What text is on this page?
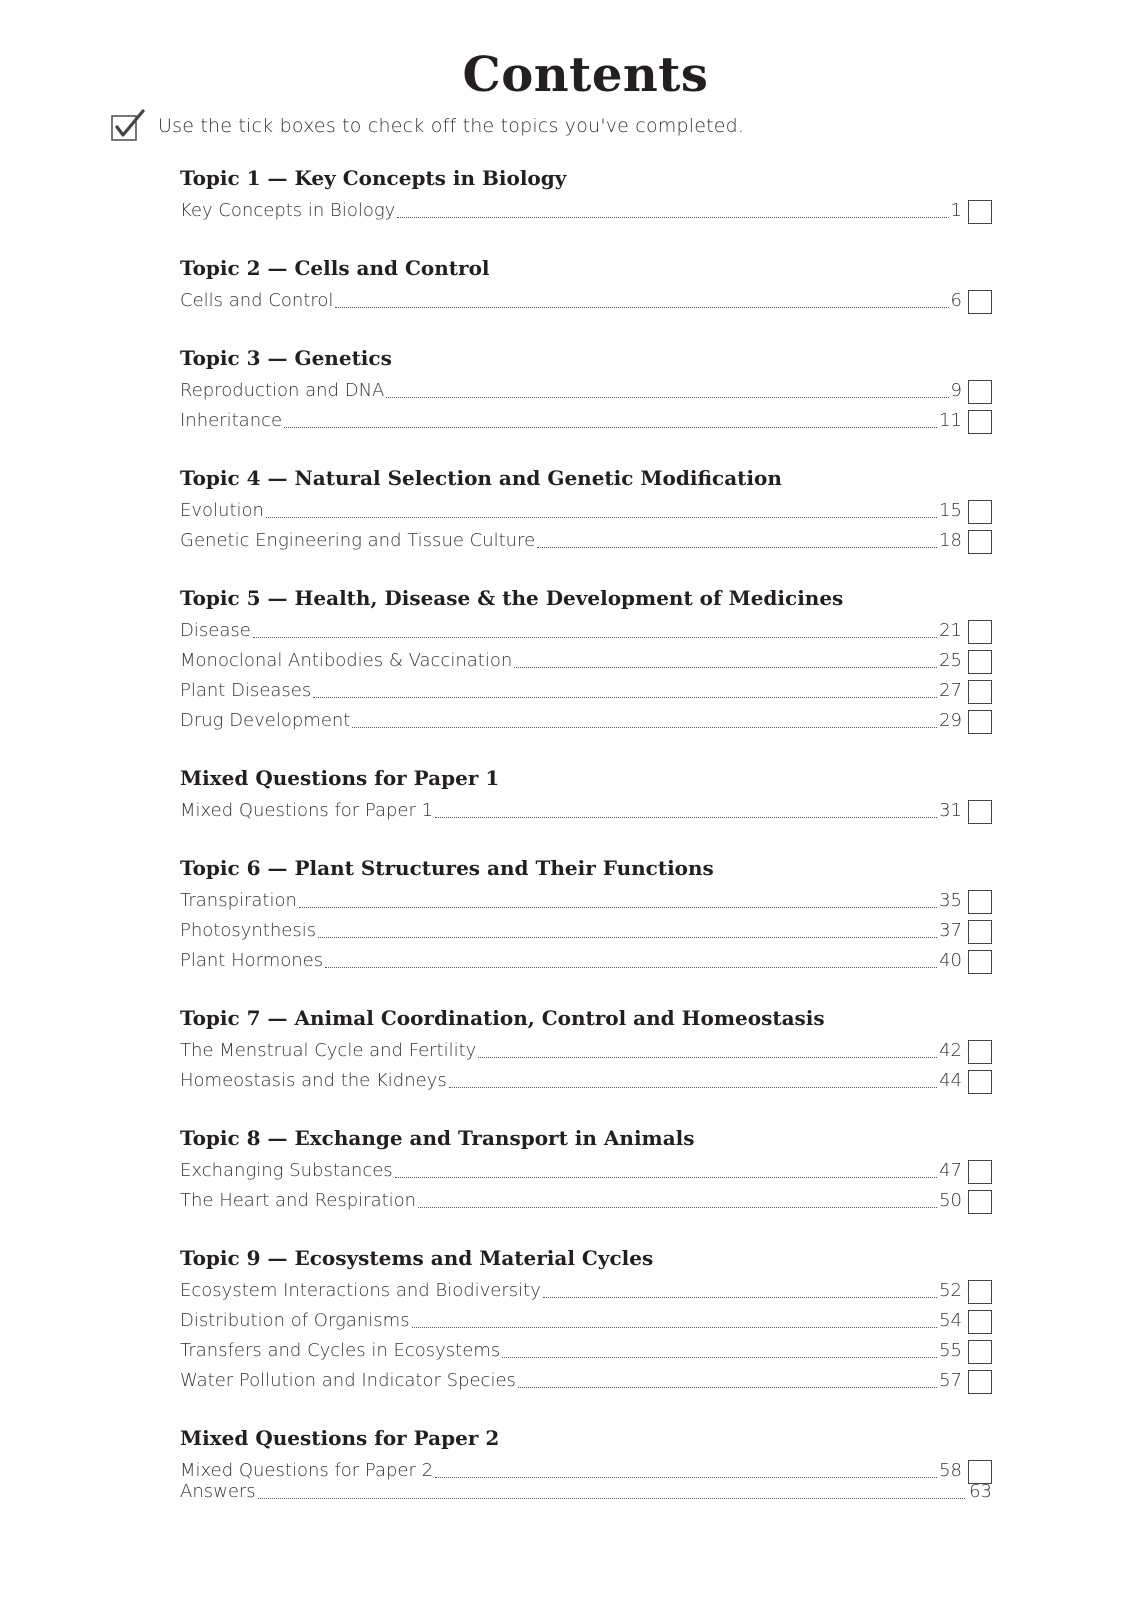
Contents
Use the tick boxes to check off the topics you've completed.
Topic 1 — Key Concepts in Biology
Key Concepts in Biology	1
Topic 2 — Cells and Control
Cells and Control	6
Topic 3 — Genetics
Reproduction and DNA	9
Inheritance	11
Topic 4 — Natural Selection and Genetic Modification
Evolution	15
Genetic Engineering and Tissue Culture	18
Topic 5 — Health, Disease & the Development of Medicines
Disease	21
Monoclonal Antibodies & Vaccination	25
Plant Diseases	27
Drug Development	29
Mixed Questions for Paper 1
Mixed Questions for Paper 1	31
Topic 6 — Plant Structures and Their Functions
Transpiration	35
Photosynthesis	37
Plant Hormones	40
Topic 7 — Animal Coordination, Control and Homeostasis
The Menstrual Cycle and Fertility	42
Homeostasis and the Kidneys	44
Topic 8 — Exchange and Transport in Animals
Exchanging Substances	47
The Heart and Respiration	50
Topic 9 — Ecosystems and Material Cycles
Ecosystem Interactions and Biodiversity	52
Distribution of Organisms	54
Transfers and Cycles in Ecosystems	55
Water Pollution and Indicator Species	57
Mixed Questions for Paper 2
Mixed Questions for Paper 2	58
Answers	63
